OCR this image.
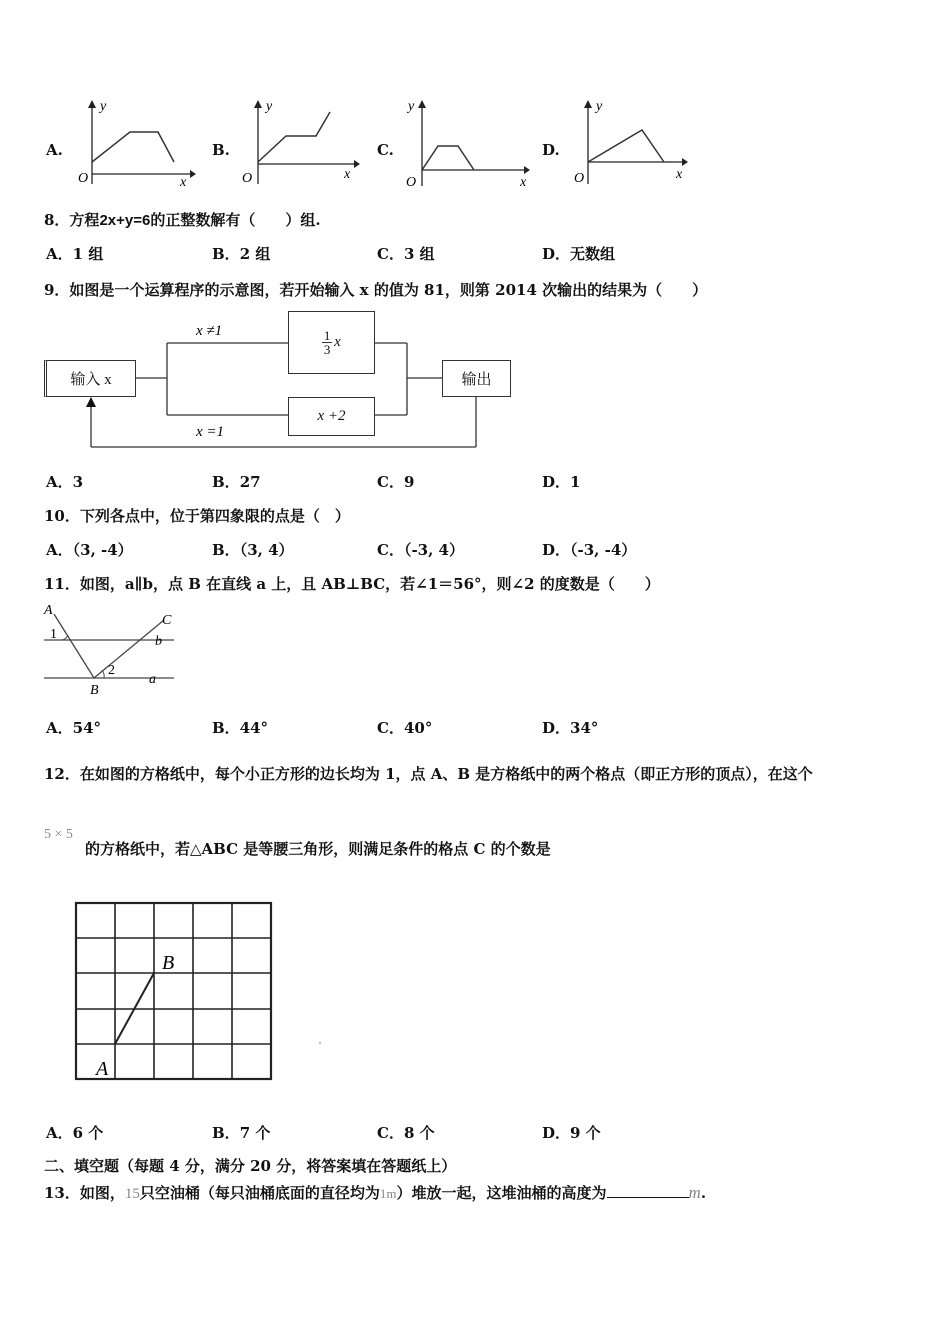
A.	B.	C.	D.
y
O	x
y
O	x
y
O	x
y
O	x
8．方程2x+y=6的正整数解有（　　）组.
A．1 组	B．2 组	C．3 组	D．无数组
9．如图是一个运算程序的示意图，若开始输入 x 的值为 81，则第 2014 次输出的结果为（　　）
x ≠1
x =1
输入 x
1
3 x
x +2
输出
A．3	B．27	C．9	D．1
10．下列各点中，位于第四象限的点是（　）
A．（3, -4）	B．（3, 4）	C．（-3, 4）	D．（-3, -4）
11．如图，a∥b，点 B 在直线 a 上，且 AB⊥BC，若∠1＝56°，则∠2 的度数是（　　）
A
1
B
2
C
b
a
A．54°	B．44°	C．40°	D．34°
12．在如图的方格纸中，每个小正方形的边长均为 1，点 A、B 是方格纸中的两个格点（即正方形的顶点），在这个
5 × 5
的方格纸中，若△ABC 是等腰三角形，则满足条件的格点 C 的个数是
B
A
A．6 个	B．7 个	C．8 个	D．9 个
二、填空题（每题 4 分，满分 20 分，将答案填在答题纸上）
13．如图，15只空油桶（每只油桶底面的直径均为1m）堆放一起，这堆油桶的高度为	m.
